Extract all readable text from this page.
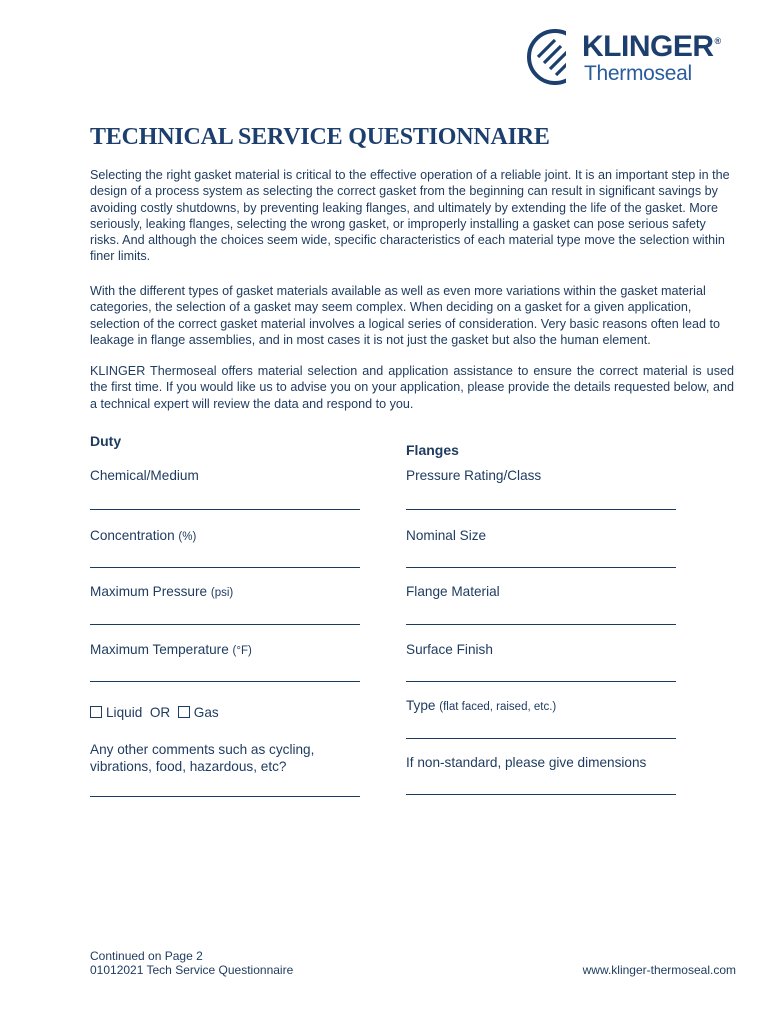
KLINGER®
Thermoseal
TECHNICAL SERVICE QUESTIONNAIRE

Selecting the right gasket material is critical to the effective operation of a reliable joint. It is an important step in the design of a process system as selecting the correct gasket from the beginning can result in significant savings by avoiding costly shutdowns, by preventing leaking flanges, and ultimately by extending the life of the gasket. More seriously, leaking flanges, selecting the wrong gasket, or improperly installing a gasket can pose serious safety risks. And although the choices seem wide, specific characteristics of each material type move the selection within finer limits.

With the different types of gasket materials available as well as even more variations within the gasket material categories, the selection of a gasket may seem complex. When deciding on a gasket for a given application, selection of the correct gasket material involves a logical series of consideration. Very basic reasons often lead to leakage in flange assemblies, and in most cases it is not just the gasket but also the human element.

KLINGER Thermoseal offers material selection and application assistance to ensure the correct material is used the first time. If you would like us to advise you on your application, please provide the details requested below, and a technical expert will review the data and respond to you.

Duty
Chemical/Medium
Concentration (%)
Maximum Pressure (psi)
Maximum Temperature (°F)
Liquid OR Gas
Any other comments such as cycling, vibrations, food, hazardous, etc?
Flanges
Pressure Rating/Class
Nominal Size
Flange Material
Surface Finish
Type (flat faced, raised, etc.)
If non-standard, please give dimensions
Continued on Page 2
01012021 Tech Service Questionnaire	www.klinger-thermoseal.com
